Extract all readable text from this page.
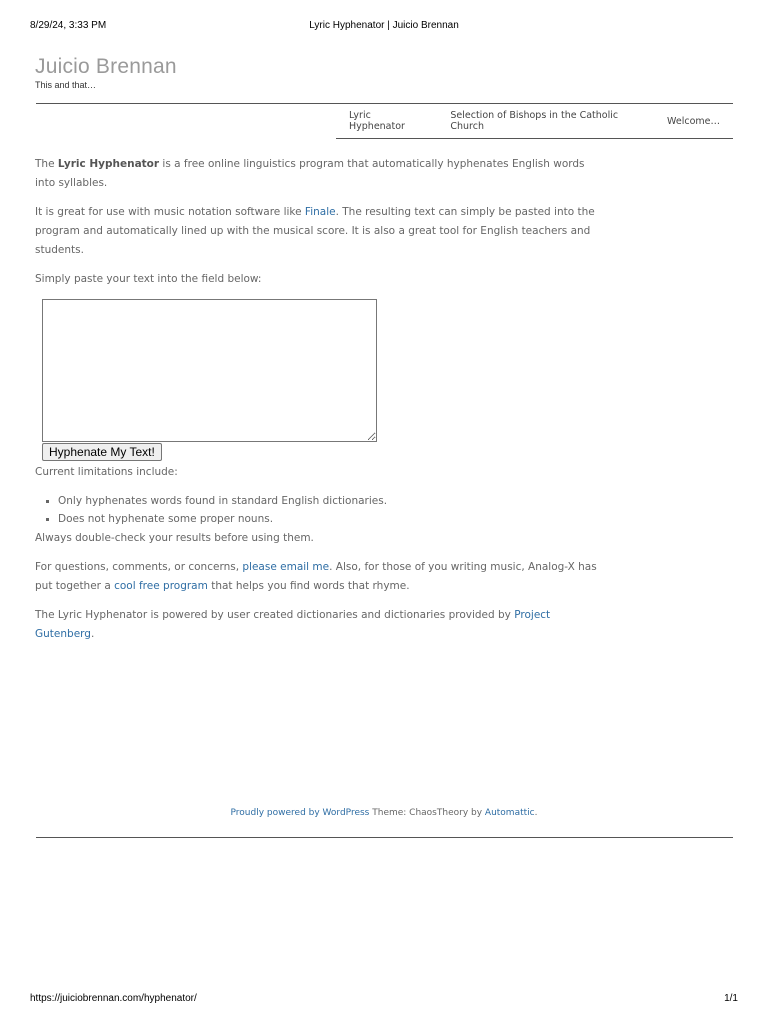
8/29/24, 3:33 PM	Lyric Hyphenator | Juicio Brennan
Juicio Brennan
This and that…
Lyric Hyphenator
Selection of Bishops in the Catholic Church	Welcome…

The Lyric Hyphenator is a free online linguistics program that automatically hyphenates English words into syllables.

It is great for use with music notation software like Finale. The resulting text can simply be pasted into the program and automatically lined up with the musical score. It is also a great tool for English teachers and students.

Simply paste your text into the field below:

Hyphenate My Text!

Current limitations include:

Only hyphenates words found in standard English dictionaries.
Does not hyphenate some proper nouns.

Always double-check your results before using them.

For questions, comments, or concerns, please email me. Also, for those of you writing music, Analog-X has put together a cool free program that helps you find words that rhyme.

The Lyric Hyphenator is powered by user created dictionaries and dictionaries provided by Project Gutenberg.

Proudly powered by WordPress Theme: ChaosTheory by Automattic.
https://juiciobrennan.com/hyphenator/	1/1
